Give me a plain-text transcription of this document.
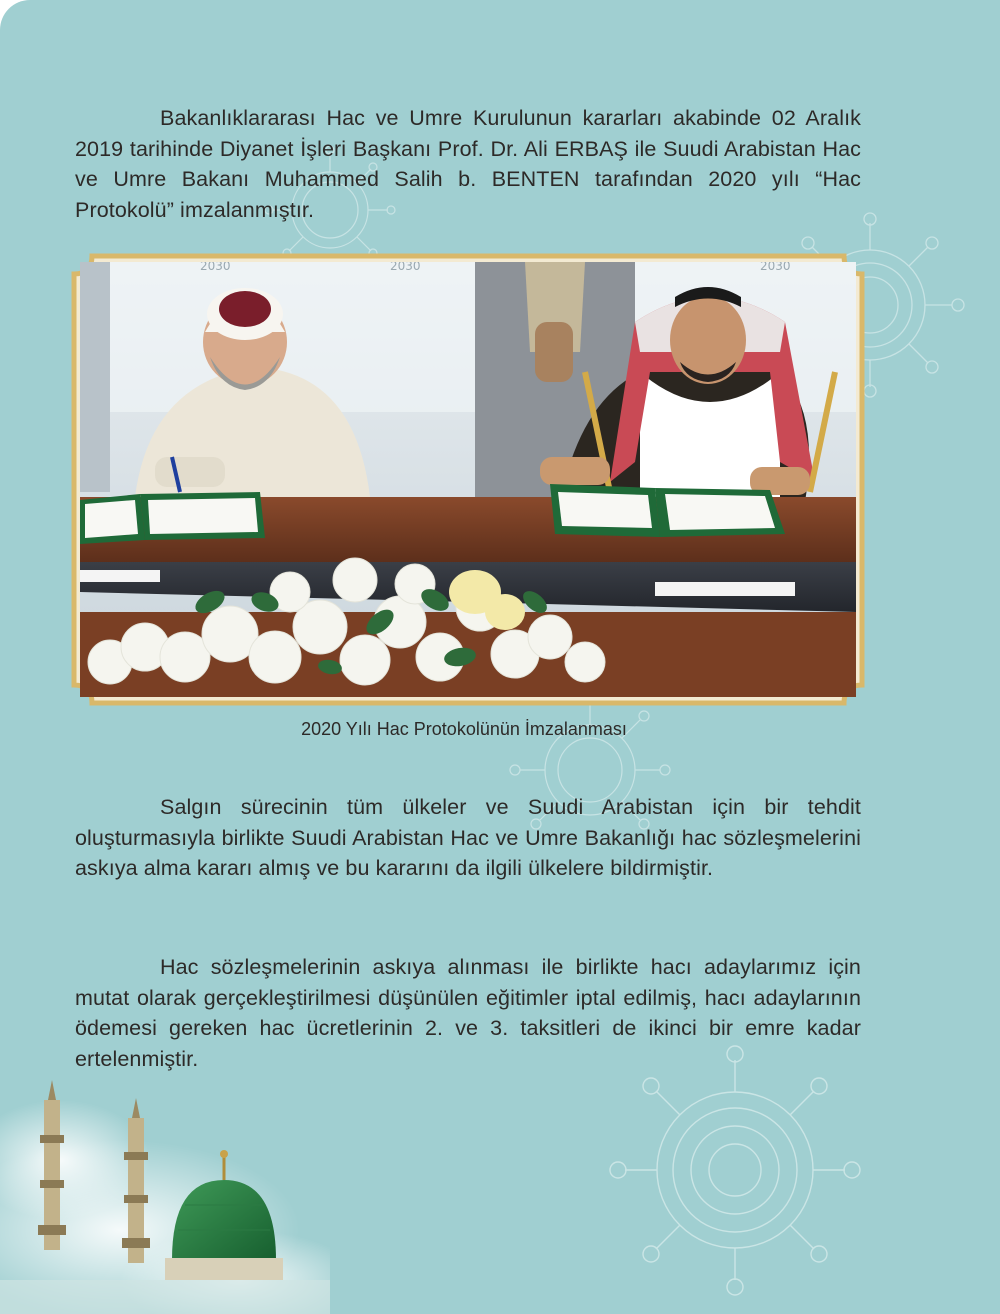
Bakanlıklararası Hac ve Umre Kurulunun kararları akabinde 02 Aralık 2019 tarihinde Diyanet İşleri Başkanı Prof. Dr. Ali ERBAŞ ile Suudi Arabistan Hac ve Umre Bakanı Muhammed Salih b. BENTEN tarafından 2020 yılı “Hac Protokolü” imzalanmıştır.

2030	2030	2030
2020 Yılı Hac Protokolünün İmzalanması

Salgın sürecinin tüm ülkeler ve Suudi Arabistan için bir tehdit oluşturmasıyla birlikte Suudi Arabistan Hac ve Umre Bakanlığı hac sözleşmelerini askıya alma kararı almış ve bu kararını da ilgili ülkelere bildirmiştir.

Hac sözleşmelerinin askıya alınması ile birlikte hacı adaylarımız için mutat olarak gerçekleştirilmesi düşünülen eğitimler iptal edilmiş, hacı adaylarının ödemesi gereken hac ücretlerinin 2. ve 3. taksitleri de ikinci bir emre kadar ertelenmiştir.
